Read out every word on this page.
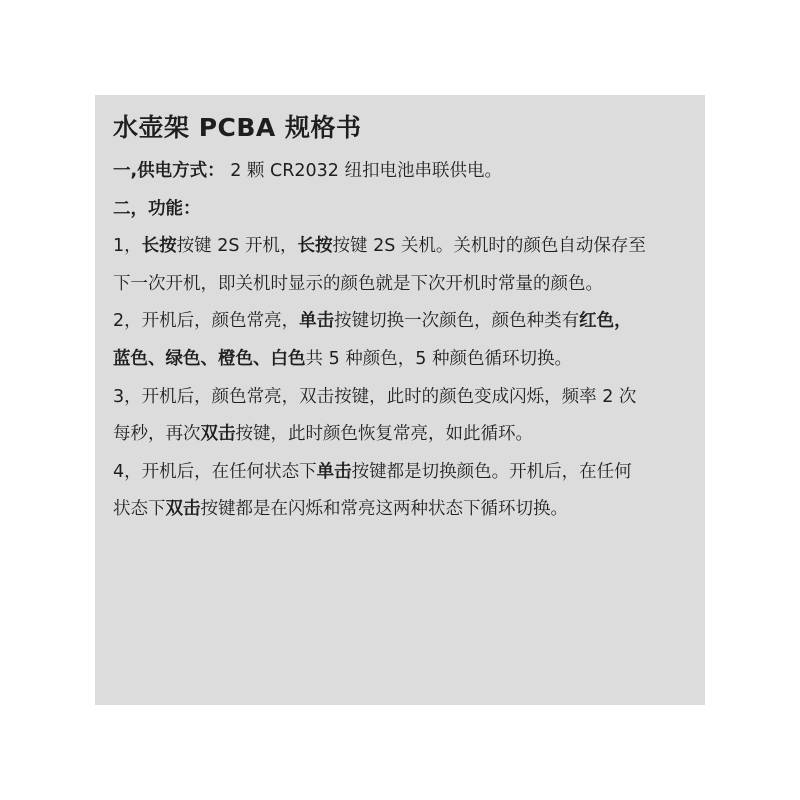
水壶架 PCBA 规格书
一,供电方式： 2 颗 CR2032 纽扣电池串联供电。
二，功能：
1，长按按键 2S 开机，长按按键 2S 关机。关机时的颜色自动保存至
下一次开机，即关机时显示的颜色就是下次开机时常量的颜色。
2，开机后，颜色常亮，单击按键切换一次颜色，颜色种类有红色，
蓝色、绿色、橙色、白色共 5 种颜色，5 种颜色循环切换。
3，开机后，颜色常亮，双击按键，此时的颜色变成闪烁，频率 2 次
每秒，再次双击按键，此时颜色恢复常亮，如此循环。
4，开机后，在任何状态下单击按键都是切换颜色。开机后，在任何
状态下双击按键都是在闪烁和常亮这两种状态下循环切换。
